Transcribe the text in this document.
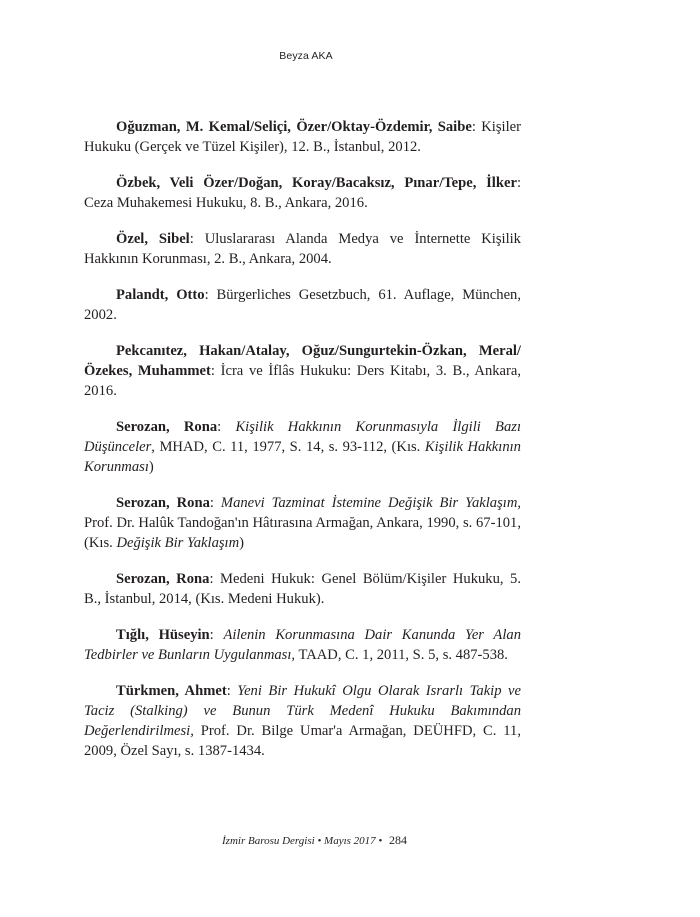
Beyza AKA

Oğuzman, M. Kemal/Seliçi, Özer/Oktay-Özdemir, Saibe: Kişiler Hukuku (Gerçek ve Tüzel Kişiler), 12. B., İstanbul, 2012.

Özbek, Veli Özer/Doğan, Koray/Bacaksız, Pınar/Tepe, İlker: Ceza Muhakemesi Hukuku, 8. B., Ankara, 2016.

Özel, Sibel: Uluslararası Alanda Medya ve İnternette Kişilik Hakkının Korunması, 2. B., Ankara, 2004.

Palandt, Otto: Bürgerliches Gesetzbuch, 61. Auflage, München, 2002.

Pekcanıtez, Hakan/Atalay, Oğuz/Sungurtekin-Özkan, Meral/Özekes, Muhammet: İcra ve İflâs Hukuku: Ders Kitabı, 3. B., Ankara, 2016.

Serozan, Rona: Kişilik Hakkının Korunmasıyla İlgili Bazı Düşünceler, MHAD, C. 11, 1977, S. 14, s. 93-112, (Kıs. Kişilik Hakkının Korunması)

Serozan, Rona: Manevi Tazminat İstemine Değişik Bir Yaklaşım, Prof. Dr. Halûk Tandoğan'ın Hâtırasına Armağan, Ankara, 1990, s. 67-101, (Kıs. Değişik Bir Yaklaşım)

Serozan, Rona: Medeni Hukuk: Genel Bölüm/Kişiler Hukuku, 5. B., İstanbul, 2014, (Kıs. Medeni Hukuk).

Tığlı, Hüseyin: Ailenin Korunmasına Dair Kanunda Yer Alan Tedbirler ve Bunların Uygulanması, TAAD, C. 1, 2011, S. 5, s. 487-538.

Türkmen, Ahmet: Yeni Bir Hukukî Olgu Olarak Israrlı Takip ve Taciz (Stalking) ve Bunun Türk Medenî Hukuku Bakımından Değerlendirilmesi, Prof. Dr. Bilge Umar'a Armağan, DEÜHFD, C. 11, 2009, Özel Sayı, s. 1387-1434.

İzmir Barosu Dergisi • Mayıs 2017 • 284
